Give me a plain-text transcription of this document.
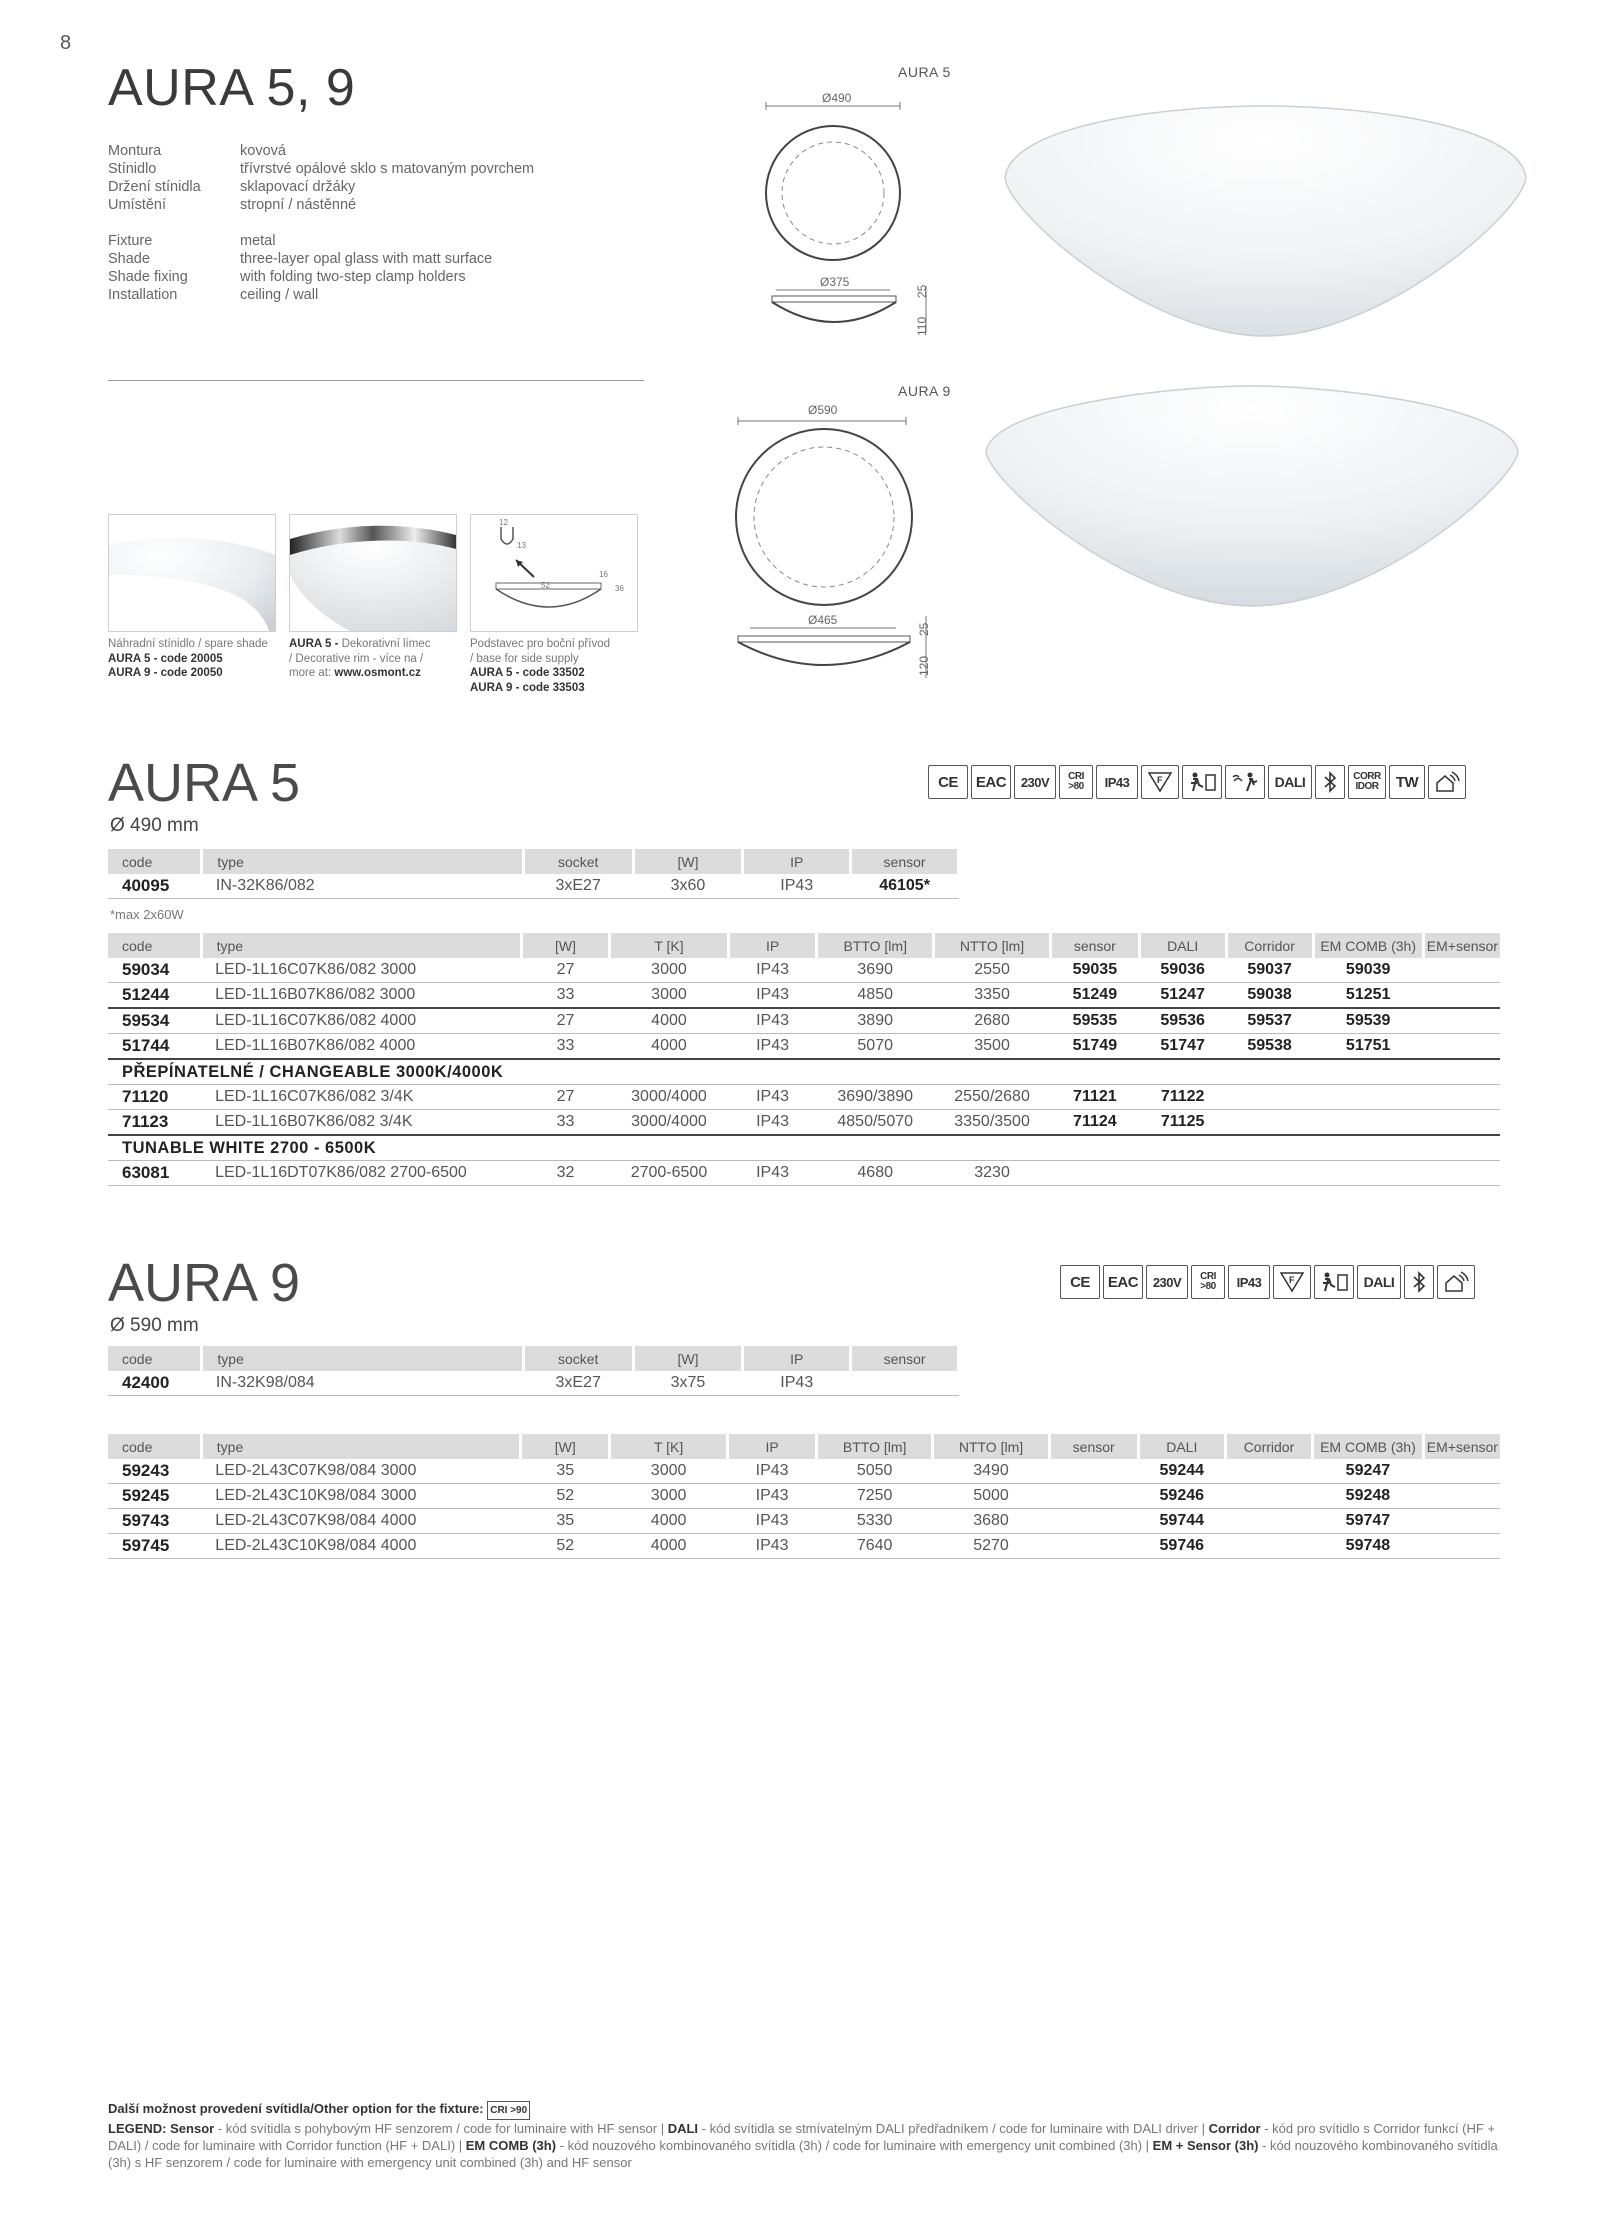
8
AURA 5, 9
Montura	kovová
Stínidlo	třívrstvé opálové sklo s matovaným povrchem
Držení stínidla	sklapovací držáky
Umístění	stropní / nástěnné
Fixture	metal
Shade	three-layer opal glass with matt surface
Shade fixing	with folding two-step clamp holders
Installation	ceiling / wall
12
13
16
36
52
Náhradní stínidlo / spare shade
AURA 5 - code 20005
AURA 9 - code 20050
AURA 5 - Dekorativní límec
/ Decorative rim - více na /
more at: www.osmont.cz
Podstavec pro boční přívod
/ base for side supply
AURA 5 - code 33502
AURA 9 - code 33503
AURA 5
Ø490
Ø375
25
110
AURA 9
Ø590
Ø465
25
120
AURA 5
Ø 490 mm
CE	EAC	230V	CRI >80	IP43	F	DALI	CORR IDOR	TW
code	type	socket	[W]	IP	sensor
40095	IN-32K86/082	3xE27	3x60	IP43	46105*
*max 2x60W
code	type	[W]	T [K]	IP	BTTO [lm]	NTTO [lm]	sensor	DALI	Corridor	EM COMB (3h)	EM+sensor
59034	LED-1L16C07K86/082 3000	27	3000	IP43	3690	2550	59035	59036	59037	59039	
51244	LED-1L16B07K86/082 3000	33	3000	IP43	4850	3350	51249	51247	59038	51251	
59534	LED-1L16C07K86/082 4000	27	4000	IP43	3890	2680	59535	59536	59537	59539	
51744	LED-1L16B07K86/082 4000	33	4000	IP43	5070	3500	51749	51747	59538	51751	
PŘEPÍNATELNÉ / CHANGEABLE 3000K/4000K											
71120	LED-1L16C07K86/082 3/4K	27	3000/4000	IP43	3690/3890	2550/2680	71121	71122			
71123	LED-1L16B07K86/082 3/4K	33	3000/4000	IP43	4850/5070	3350/3500	71124	71125			
TUNABLE WHITE 2700 - 6500K											
63081	LED-1L16DT07K86/082 2700-6500	32	2700-6500	IP43	4680	3230					
AURA 9
Ø 590 mm
CE	EAC	230V	CRI >80	IP43	F	DALI
code	type	socket	[W]	IP	sensor
42400	IN-32K98/084	3xE27	3x75	IP43	
code	type	[W]	T [K]	IP	BTTO [lm]	NTTO [lm]	sensor	DALI	Corridor	EM COMB (3h)	EM+sensor
59243	LED-2L43C07K98/084 3000	35	3000	IP43	5050	3490		59244		59247	
59245	LED-2L43C10K98/084 3000	52	3000	IP43	7250	5000		59246		59248	
59743	LED-2L43C07K98/084 4000	35	4000	IP43	5330	3680		59744		59747	
59745	LED-2L43C10K98/084 4000	52	4000	IP43	7640	5270		59746		59748	
Další možnost provedení svítidla/Other option for the fixture: CRI >90
LEGEND: Sensor - kód svítidla s pohybovým HF senzorem / code for luminaire with HF sensor | DALI - kód svítidla se stmívatelným DALI předřadníkem / code for luminaire with DALI driver | Corridor - kód pro svítidlo s Corridor funkcí (HF + DALI) / code for luminaire with Corridor function (HF + DALI) | EM COMB (3h) - kód nouzového kombinovaného svítidla (3h) / code for luminaire with emergency unit combined (3h) | EM + Sensor (3h) - kód nouzového kombinovaného svítidla (3h) s HF senzorem / code for luminaire with emergency unit combined (3h) and HF sensor
